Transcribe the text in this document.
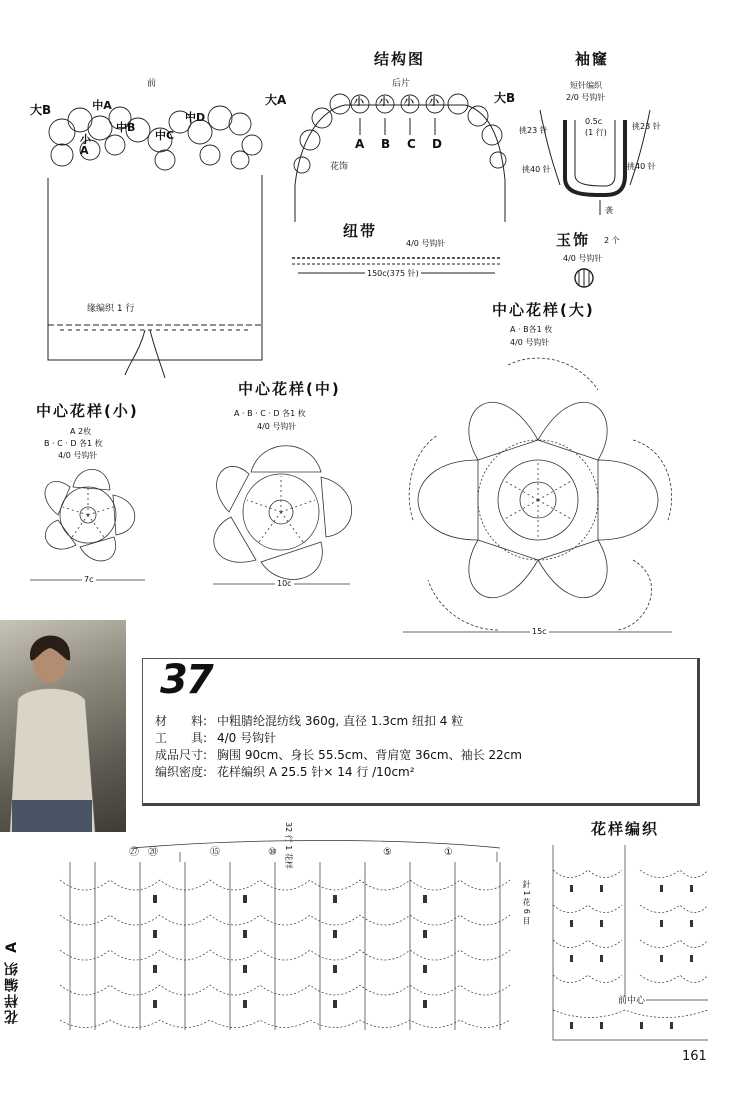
结构图
前
大B	中A
小A
中B
中C
中D
后片
大A	大B
小 小 小 小
A B C D
花饰
缘编织 1 行
袖窿
短针编织
2/0 号钩针
挑23 针	挑23 针
挑40 针	挑40 针
0.5c
(1 行)
袭
纽带
4/0 号钩针
150c(375 针)
玉饰 2 个
4/0 号钩针
中心花样(大)
A · B各1 枚
4/0 号钩针
15c
中心花样(中)
A · B · C · D 各1 枚
4/0 号钩针
10c
中心花样(小)
A 2枚
B · C · D 各1 枚
4/0 号钩针
7c
37
材　　料: 中粗腈纶混纺线 360g, 直径 1.3cm 纽扣 4 粒
工　　具: 4/0 号钩针
成品尺寸: 胸围 90cm、身长 55.5cm、背肩宽 36cm、袖长 22cm
编织密度: 花样编织 A 25.5 针× 14 行 /10cm²
花样编织 A
32 行 1 花样
針 1 花 6 目
㉗ ⑳	⑮	⑩	⑤	①
花样编织
前中心
161
